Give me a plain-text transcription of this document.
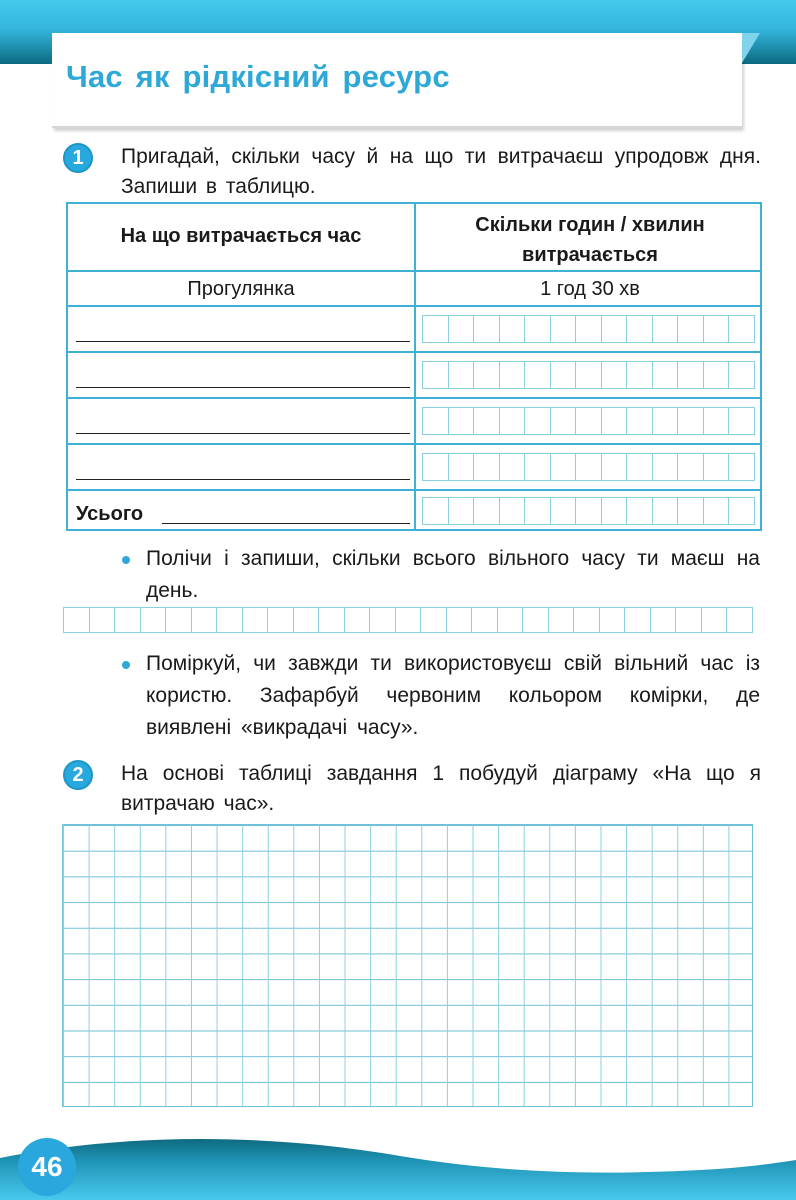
Час як рідкісний ресурс
1	Пригадай, скільки часу й на що ти витрачаєш упродовж дня. Запиши в таблицю.
На що витрачається час	Скільки годин / хвилин витрачається
Прогулянка	1 год 30 хв
Усього
Полічи і запиши, скільки всього вільного часу ти маєш на день.
Поміркуй, чи завжди ти використовуєш свій вільний час із користю. Зафарбуй червоним кольором комірки, де виявлені «викрадачі часу».
2	На основі таблиці завдання 1 побудуй діаграму «На що я витрачаю час».
46
